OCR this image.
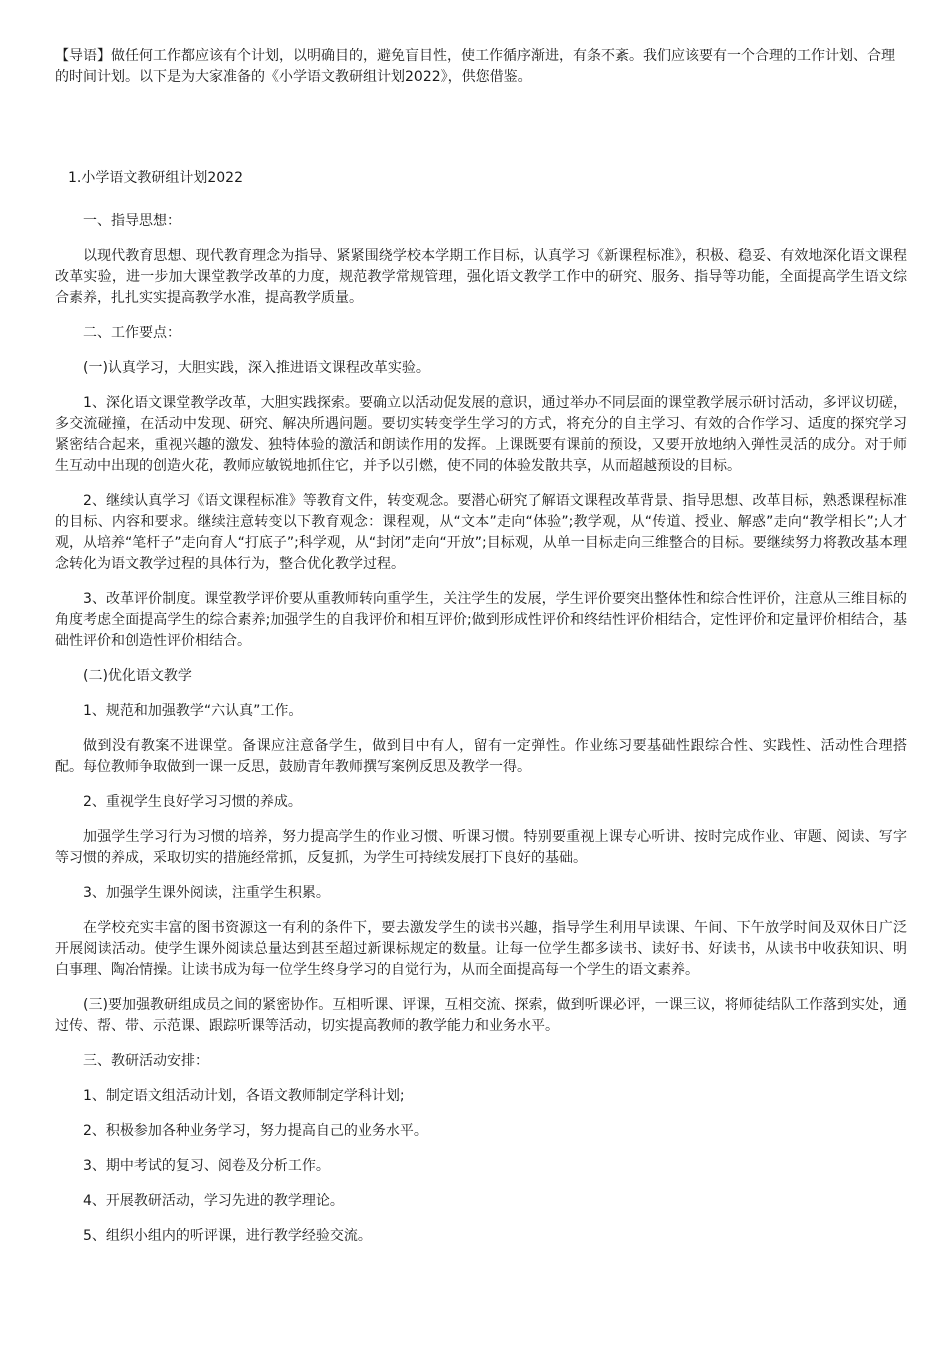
【导语】做任何工作都应该有个计划，以明确目的，避免盲目性，使工作循序渐进，有条不紊。我们应该要有一个合理的工作计划、合理的时间计划。以下是为大家准备的《小学语文教研组计划2022》，供您借鉴。

1.小学语文教研组计划2022

一、指导思想：

以现代教育思想、现代教育理念为指导、紧紧围绕学校本学期工作目标，认真学习《新课程标准》，积极、稳妥、有效地深化语文课程改革实验，进一步加大课堂教学改革的力度，规范教学常规管理，强化语文教学工作中的研究、服务、指导等功能，全面提高学生语文综合素养，扎扎实实提高教学水准，提高教学质量。

二、工作要点：

(一)认真学习，大胆实践，深入推进语文课程改革实验。

1、深化语文课堂教学改革，大胆实践探索。要确立以活动促发展的意识，通过举办不同层面的课堂教学展示研讨活动，多评议切磋，多交流碰撞，在活动中发现、研究、解决所遇问题。要切实转变学生学习的方式，将充分的自主学习、有效的合作学习、适度的探究学习紧密结合起来，重视兴趣的激发、独特体验的激活和朗读作用的发挥。上课既要有课前的预设，又要开放地纳入弹性灵活的成分。对于师生互动中出现的创造火花，教师应敏锐地抓住它，并予以引燃，使不同的体验发散共享，从而超越预设的目标。

2、继续认真学习《语文课程标准》等教育文件，转变观念。要潜心研究了解语文课程改革背景、指导思想、改革目标，熟悉课程标准的目标、内容和要求。继续注意转变以下教育观念：课程观，从“文本”走向“体验”;教学观，从“传道、授业、解惑”走向“教学相长”;人才观，从培养“笔杆子”走向育人“打底子”;科学观，从“封闭”走向“开放”;目标观，从单一目标走向三维整合的目标。要继续努力将教改基本理念转化为语文教学过程的具体行为，整合优化教学过程。

3、改革评价制度。课堂教学评价要从重教师转向重学生，关注学生的发展，学生评价要突出整体性和综合性评价，注意从三维目标的角度考虑全面提高学生的综合素养;加强学生的自我评价和相互评价;做到形成性评价和终结性评价相结合，定性评价和定量评价相结合，基础性评价和创造性评价相结合。

(二)优化语文教学

1、规范和加强教学“六认真”工作。

做到没有教案不进课堂。备课应注意备学生，做到目中有人，留有一定弹性。作业练习要基础性跟综合性、实践性、活动性合理搭配。每位教师争取做到一课一反思，鼓励青年教师撰写案例反思及教学一得。

2、重视学生良好学习习惯的养成。

加强学生学习行为习惯的培养，努力提高学生的作业习惯、听课习惯。特别要重视上课专心听讲、按时完成作业、审题、阅读、写字等习惯的养成，采取切实的措施经常抓，反复抓，为学生可持续发展打下良好的基础。

3、加强学生课外阅读，注重学生积累。

在学校充实丰富的图书资源这一有利的条件下，要去激发学生的读书兴趣，指导学生利用早读课、午间、下午放学时间及双休日广泛开展阅读活动。使学生课外阅读总量达到甚至超过新课标规定的数量。让每一位学生都多读书、读好书、好读书，从读书中收获知识、明白事理、陶冶情操。让读书成为每一位学生终身学习的自觉行为，从而全面提高每一个学生的语文素养。

(三)要加强教研组成员之间的紧密协作。互相听课、评课，互相交流、探索，做到听课必评，一课三议，将师徒结队工作落到实处，通过传、帮、带、示范课、跟踪听课等活动，切实提高教师的教学能力和业务水平。

三、教研活动安排：

1、制定语文组活动计划，各语文教师制定学科计划;

2、积极参加各种业务学习，努力提高自己的业务水平。

3、期中考试的复习、阅卷及分析工作。

4、开展教研活动，学习先进的教学理论。

5、组织小组内的听评课，进行教学经验交流。
